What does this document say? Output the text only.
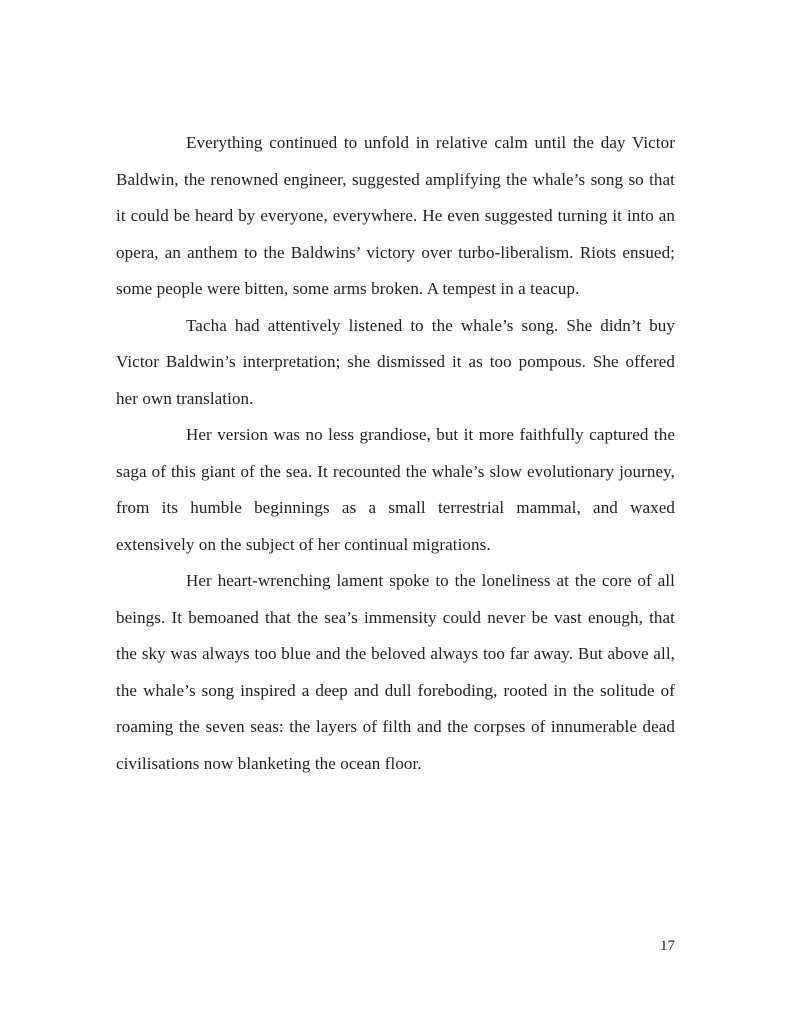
Everything continued to unfold in relative calm until the day Victor Baldwin, the renowned engineer, suggested amplifying the whale’s song so that it could be heard by everyone, everywhere. He even suggested turning it into an opera, an anthem to the Baldwins’ victory over turbo-liberalism. Riots ensued; some people were bitten, some arms broken. A tempest in a teacup.

Tacha had attentively listened to the whale’s song. She didn’t buy Victor Baldwin’s interpretation; she dismissed it as too pompous. She offered her own translation.

Her version was no less grandiose, but it more faithfully captured the saga of this giant of the sea. It recounted the whale’s slow evolutionary journey, from its humble beginnings as a small terrestrial mammal, and waxed extensively on the subject of her continual migrations.

Her heart-wrenching lament spoke to the loneliness at the core of all beings. It bemoaned that the sea’s immensity could never be vast enough, that the sky was always too blue and the beloved always too far away. But above all, the whale’s song inspired a deep and dull foreboding, rooted in the solitude of roaming the seven seas: the layers of filth and the corpses of innumerable dead civilisations now blanketing the ocean floor.

17
